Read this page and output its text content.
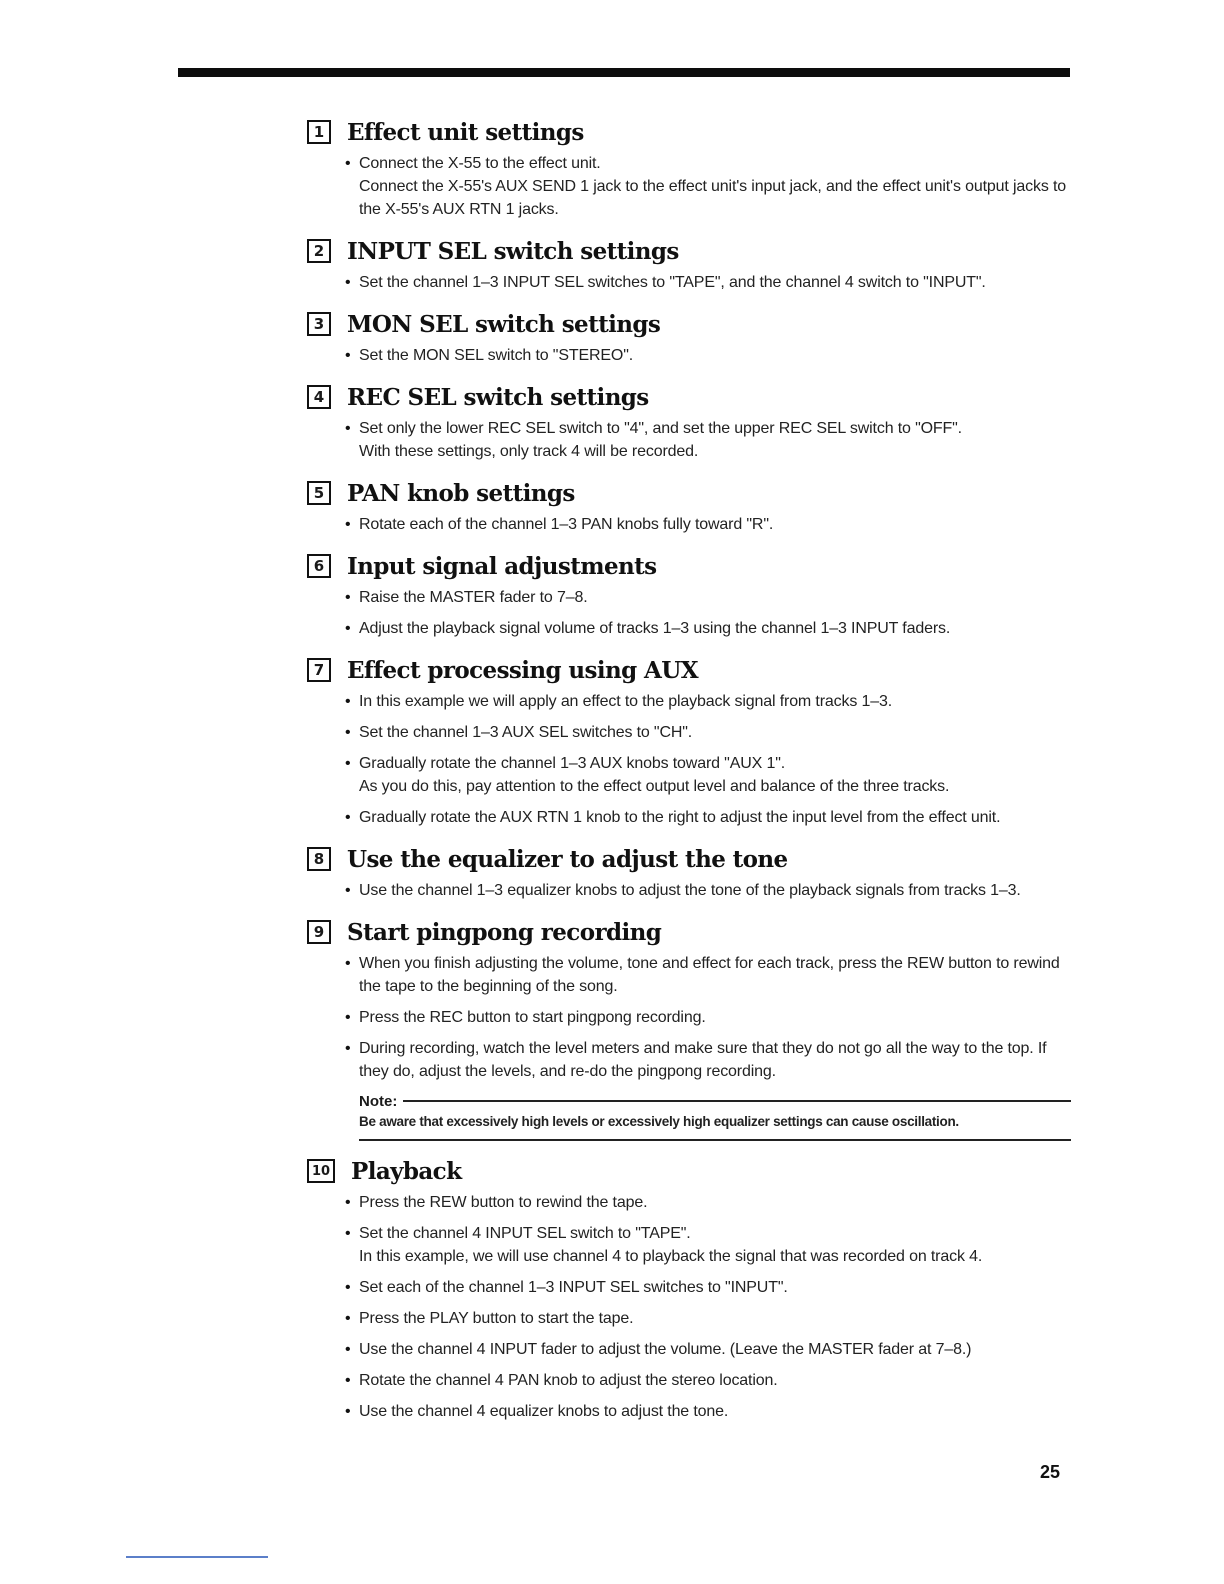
1 Effect unit settings
• Connect the X-55 to the effect unit.
Connect the X-55's AUX SEND 1 jack to the effect unit's input jack, and the effect unit's output jacks to the X-55's AUX RTN 1 jacks.
2 INPUT SEL switch settings
• Set the channel 1–3 INPUT SEL switches to "TAPE", and the channel 4 switch to "INPUT".
3 MON SEL switch settings
• Set the MON SEL switch to "STEREO".
4 REC SEL switch settings
• Set only the lower REC SEL switch to "4", and set the upper REC SEL switch to "OFF".
With these settings, only track 4 will be recorded.
5 PAN knob settings
• Rotate each of the channel 1–3 PAN knobs fully toward "R".
6 Input signal adjustments
• Raise the MASTER fader to 7–8.
• Adjust the playback signal volume of tracks 1–3 using the channel 1–3 INPUT faders.
7 Effect processing using AUX
• In this example we will apply an effect to the playback signal from tracks 1–3.
• Set the channel 1–3 AUX SEL switches to "CH".
• Gradually rotate the channel 1–3 AUX knobs toward "AUX 1".
As you do this, pay attention to the effect output level and balance of the three tracks.
• Gradually rotate the AUX RTN 1 knob to the right to adjust the input level from the effect unit.
8 Use the equalizer to adjust the tone
• Use the channel 1–3 equalizer knobs to adjust the tone of the playback signals from tracks 1–3.
9 Start pingpong recording
• When you finish adjusting the volume, tone and effect for each track, press the REW button to rewind the tape to the beginning of the song.
• Press the REC button to start pingpong recording.
• During recording, watch the level meters and make sure that they do not go all the way to the top. If they do, adjust the levels, and re-do the pingpong recording.
Note:
Be aware that excessively high levels or excessively high equalizer settings can cause oscillation.
10 Playback
• Press the REW button to rewind the tape.
• Set the channel 4 INPUT SEL switch to "TAPE".
In this example, we will use channel 4 to playback the signal that was recorded on track 4.
• Set each of the channel 1–3 INPUT SEL switches to "INPUT".
• Press the PLAY button to start the tape.
• Use the channel 4 INPUT fader to adjust the volume. (Leave the MASTER fader at 7–8.)
• Rotate the channel 4 PAN knob to adjust the stereo location.
• Use the channel 4 equalizer knobs to adjust the tone.
25
